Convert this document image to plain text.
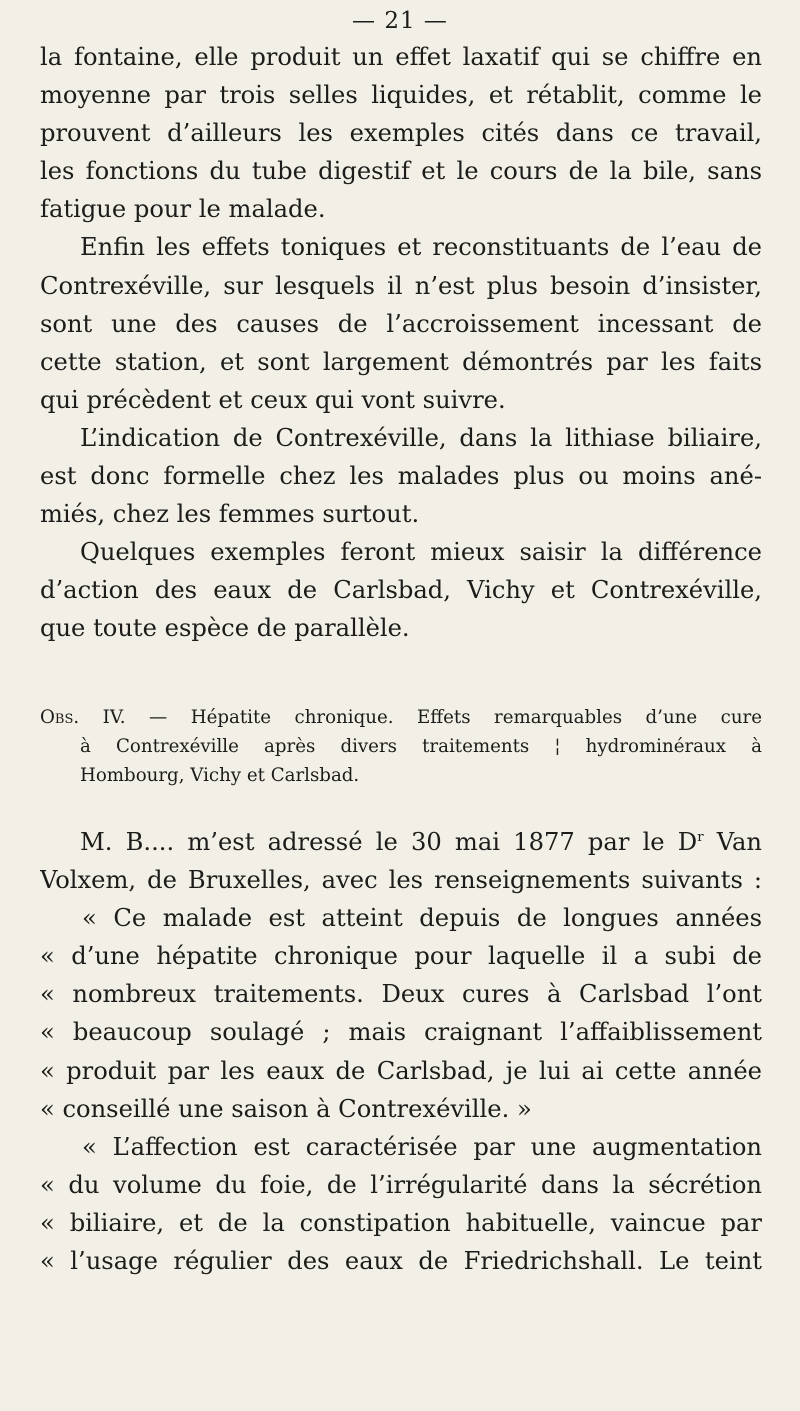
— 21 —
la fontaine, elle produit un effet laxatif qui se chiffre en
moyenne par trois selles liquides, et rétablit, comme le
prouvent d’ailleurs les exemples cités dans ce travail,
les fonctions du tube digestif et le cours de la bile, sans
fatigue pour le malade.
Enfin les effets toniques et reconstituants de l’eau de
Contrexéville, sur lesquels il n’est plus besoin d’insister,
sont une des causes de l’accroissement incessant de
cette station, et sont largement démontrés par les faits
qui précèdent et ceux qui vont suivre.
L’indication de Contrexéville, dans la lithiase biliaire,
est donc formelle chez les malades plus ou moins ané-
miés, chez les femmes surtout.
Quelques exemples feront mieux saisir la différence
d’action des eaux de Carlsbad, Vichy et Contrexéville,
que toute espèce de parallèle.
Obs. IV. — Hépatite chronique. Effets remarquables d’une cure
à Contrexéville après divers traitements ¦ hydrominéraux à
Hombourg, Vichy et Carlsbad.
M. B.... m’est adressé le 30 mai 1877 par le $D^r$ Van
Volxem, de Bruxelles, avec les renseignements suivants :
« Ce malade est atteint depuis de longues années
« d’une hépatite chronique pour laquelle il a subi de
« nombreux traitements. Deux cures à Carlsbad l’ont
« beaucoup soulagé ; mais craignant l’affaiblissement
« produit par les eaux de Carlsbad, je lui ai cette année
« conseillé une saison à Contrexéville. »
« L’affection est caractérisée par une augmentation
« du volume du foie, de l’irrégularité dans la sécrétion
« biliaire, et de la constipation habituelle, vaincue par
« l’usage régulier des eaux de Friedrichshall. Le teint
